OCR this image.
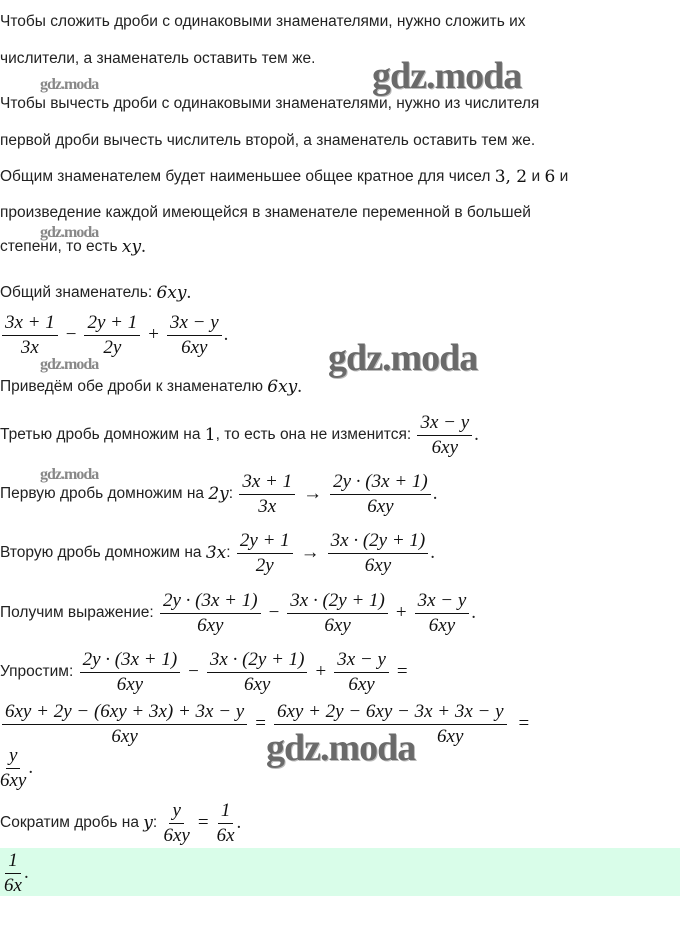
gdz.moda	gdz.moda
gdz.moda
gdz.moda
gdz.moda
gdz.moda
gdz.moda
Чтобы сложить дроби с одинаковыми знаменателями, нужно сложить их
числители, а знаменатель оставить тем же.
Чтобы вычесть дроби с одинаковыми знаменателями, нужно из числителя
первой дроби вычесть числитель второй, а знаменатель оставить тем же.
Общим знаменателем будет наименьшее общее кратное для чисел
3, 2
и
6
и
произведение каждой имеющейся в знаменателе переменной в большей
степени, то есть
xy .
Общий знаменатель:
6xy .
$\frac{3x + 1}{3x} - \frac{2y + 1}{2y} + \frac{3x - y}{6xy}$ .
Приведём обе дроби к знаменателю
6xy .
Третью дробь домножим на
1 , то есть она не изменится:
$\frac{3x - y}{6xy}$ .
Первую дробь домножим на
2y : $\frac{3x + 1}{3x} \to \frac{2y \cdot (3x + 1)}{6xy}$ .
Вторую дробь домножим на
3x : $\frac{2y + 1}{2y} \to \frac{3x \cdot (2y + 1)}{6xy}$ .
Получим выражение:
$\frac{2y \cdot (3x + 1)}{6xy} - \frac{3x \cdot (2y + 1)}{6xy} + \frac{3x - y}{6xy}$ .
Упростим:
$\frac{2y \cdot (3x + 1)}{6xy} - \frac{3x \cdot (2y + 1)}{6xy} + \frac{3x - y}{6xy}$ =
$\frac{6xy + 2y - (6xy + 3x) + 3x - y}{6xy} = \frac{6xy + 2y - 6xy - 3x + 3x - y}{6xy}$ =
$\frac{y}{6xy}$ .
Сократим дробь на
y : $\frac{y}{6xy} = \frac{1}{6x}$ .
$\frac{1}{6x}$ .
